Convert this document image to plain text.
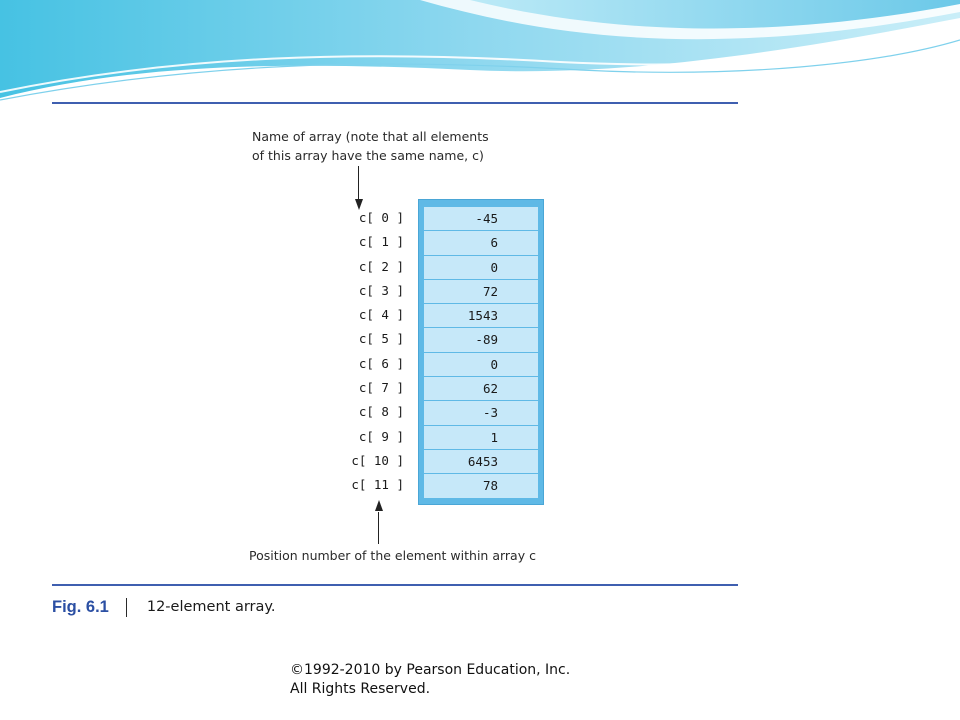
Name of array (note that all elements
of this array have the same name, c)
c[ 0 ]
c[ 1 ]
c[ 2 ]
c[ 3 ]
c[ 4 ]
c[ 5 ]
c[ 6 ]
c[ 7 ]
c[ 8 ]
c[ 9 ]
c[ 10 ]
c[ 11 ]
-45
6
0
72
1543
-89
0
62
-3
1
6453
78
Position number of the element within array c
Fig. 6.1	12-element array.
©1992-2010 by Pearson Education, Inc.
All Rights Reserved.
